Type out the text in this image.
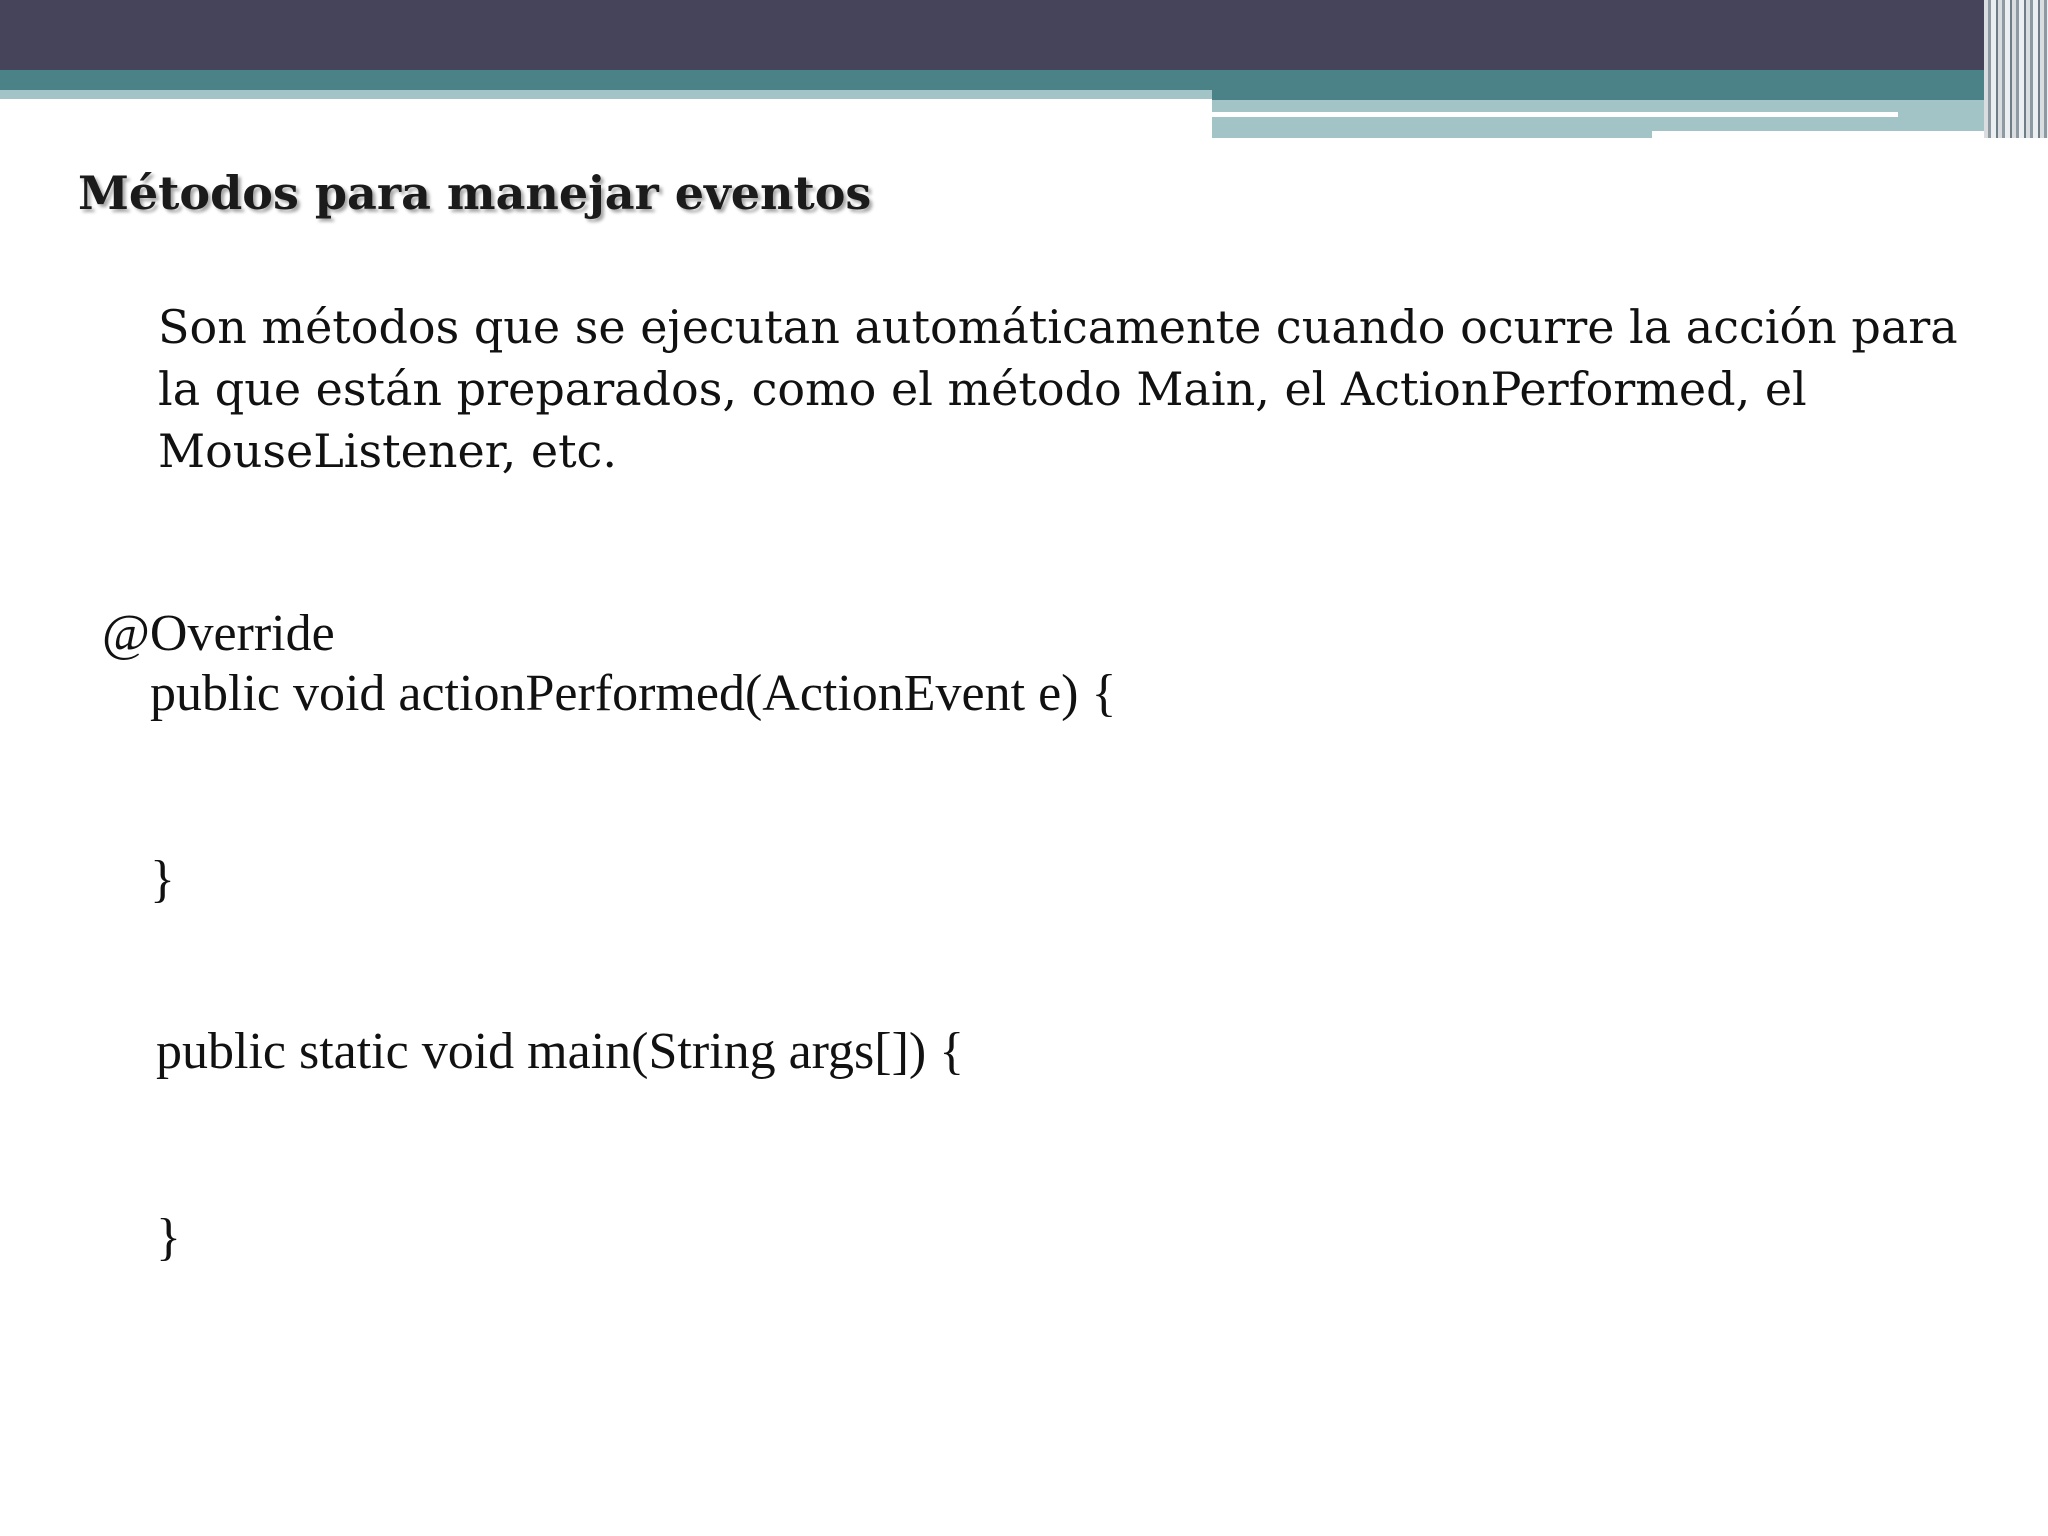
Métodos para manejar eventos

Son métodos que se ejecutan automáticamente cuando ocurre la acción para la que están preparados, como el método Main, el ActionPerformed, el MouseListener, etc.

@Override
public void actionPerformed(ActionEvent e) {
}
public static void main(String args[]) {
}
